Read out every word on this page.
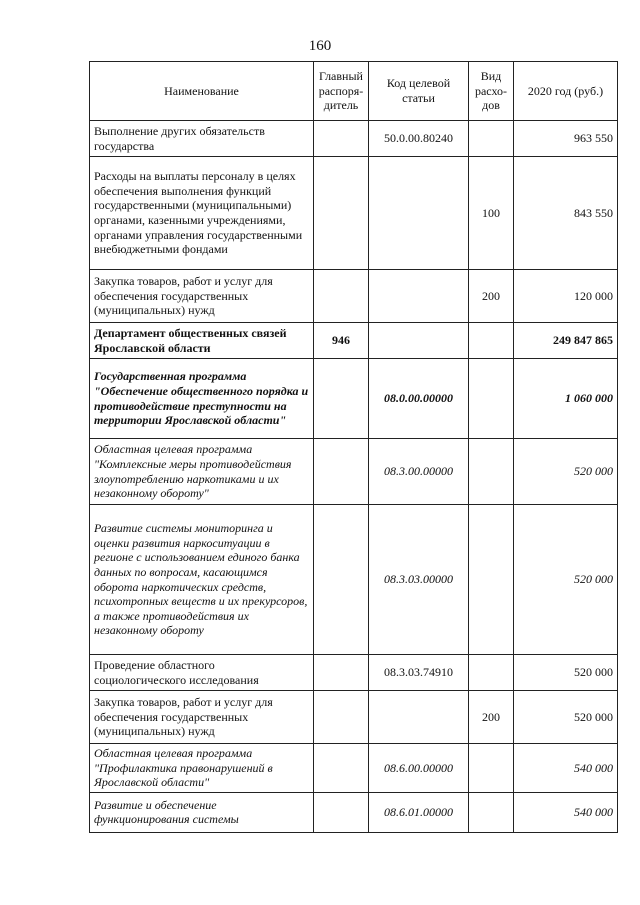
160
Наименование	Главный распоря-дитель	Код целевой статьи	Вид расхо-дов	2020 год (руб.)
Выполнение других обязательств государства		50.0.00.80240		963 550
Расходы на выплаты персоналу в целях обеспечения выполнения функций государственными (муниципальными) органами, казенными учреждениями, органами управления государственными внебюджетными фондами			100	843 550
Закупка товаров, работ и услуг для обеспечения государственных (муниципальных) нужд			200	120 000
Департамент общественных связей Ярославской области	946			249 847 865
Государственная программа "Обеспечение общественного порядка и противодействие преступности на территории Ярославской области"		08.0.00.00000		1 060 000
Областная целевая программа "Комплексные меры противодействия злоупотреблению наркотиками и их незаконному обороту"		08.3.00.00000		520 000
Развитие системы мониторинга и оценки развития наркоситуации в регионе с использованием единого банка данных по вопросам, касающимся оборота наркотических средств, психотропных веществ и их прекурсоров, а также противодействия их незаконному обороту		08.3.03.00000		520 000
Проведение областного социологического исследования		08.3.03.74910		520 000
Закупка товаров, работ и услуг для обеспечения государственных (муниципальных) нужд			200	520 000
Областная целевая программа "Профилактика правонарушений в Ярославской области"		08.6.00.00000		540 000
Развитие и обеспечение функционирования системы		08.6.01.00000		540 000
